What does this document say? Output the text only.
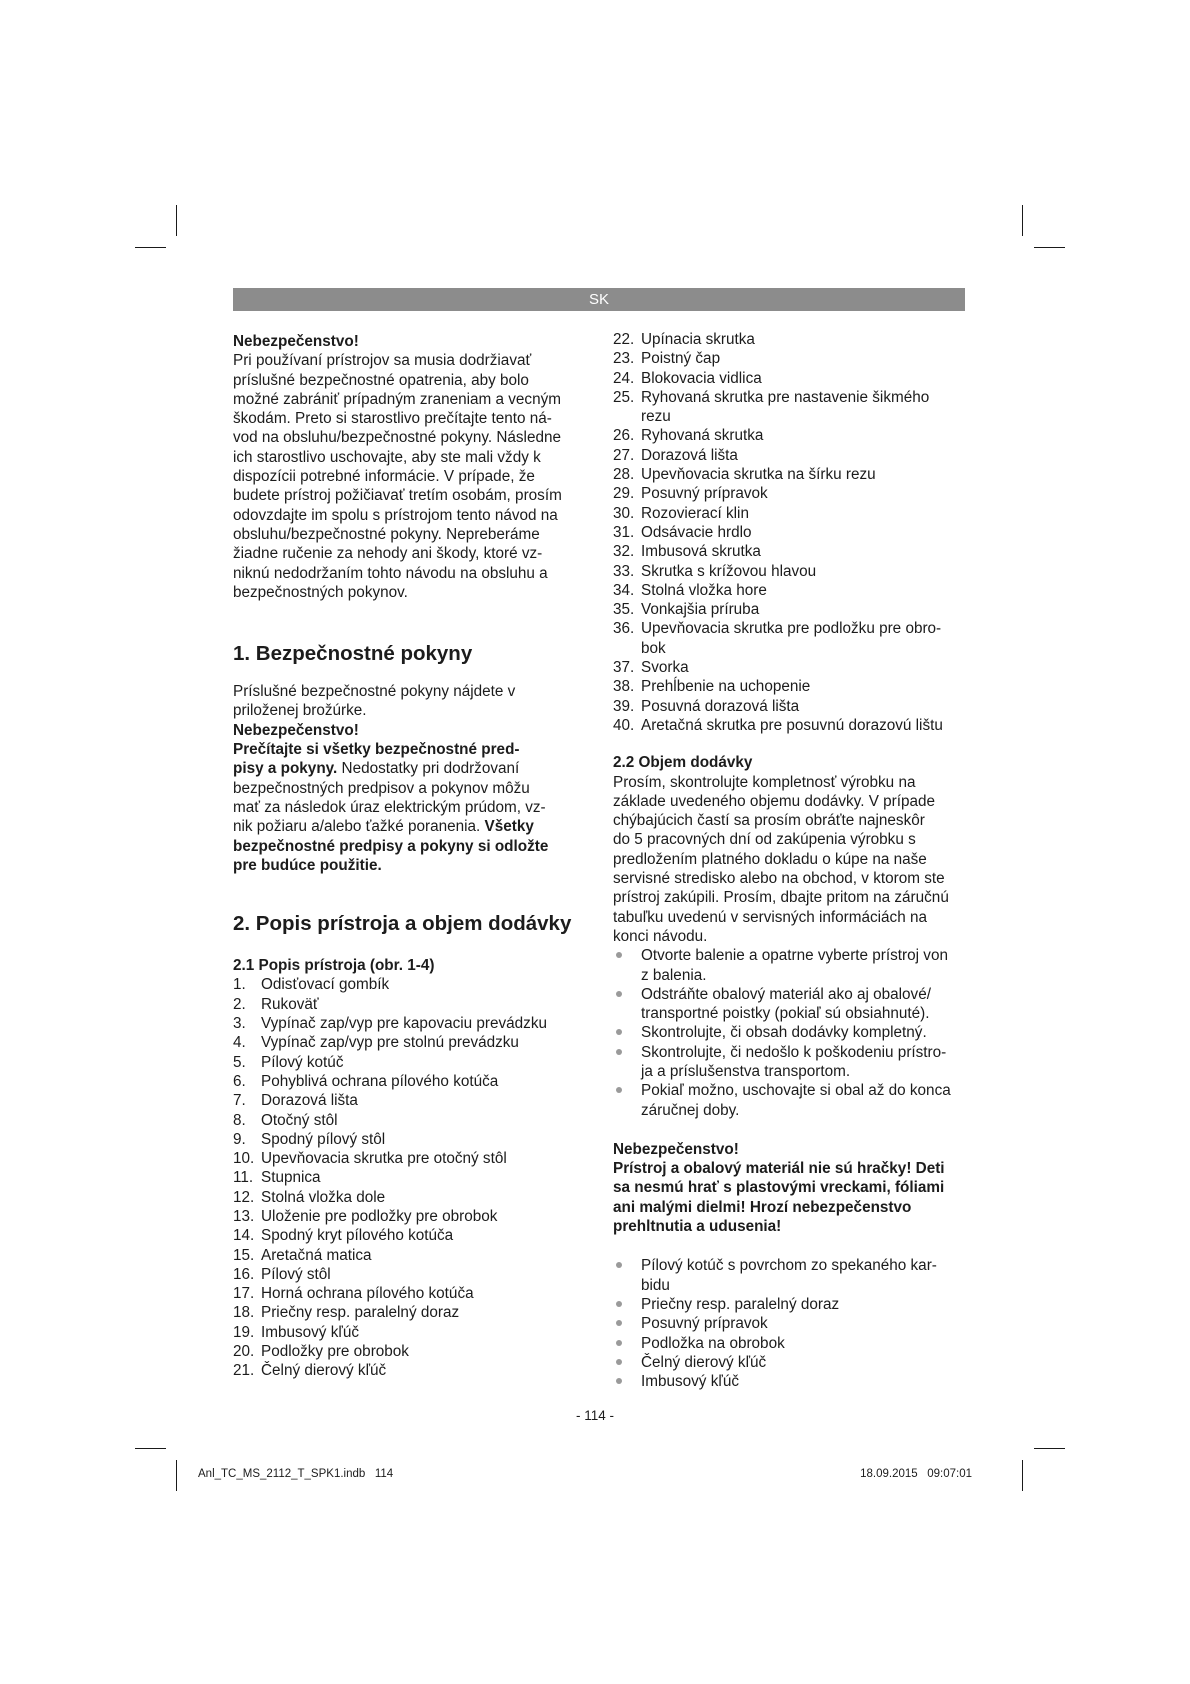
SK

Nebezpečenstvo!

Pri používaní prístrojov sa musia dodržiavať
príslušné bezpečnostné opatrenia, aby bolo
možné zabrániť prípadným zraneniam a vecným
škodám. Preto si starostlivo prečítajte tento ná-
vod na obsluhu/bezpečnostné pokyny. Následne
ich starostlivo uschovajte, aby ste mali vždy k
dispozícii potrebné informácie. V prípade, že
budete prístroj požičiavať tretím osobám, prosím
odovzdajte im spolu s prístrojom tento návod na
obsluhu/bezpečnostné pokyny. Nepreberáme
žiadne ručenie za nehody ani škody, ktoré vz-
niknú nedodržaním tohto návodu na obsluhu a
bezpečnostných pokynov.

1. Bezpečnostné pokyny

Príslušné bezpečnostné pokyny nájdete v
priloženej brožúrke.

Nebezpečenstvo!

Prečítajte si všetky bezpečnostné pred-
pisy a pokyny. Nedostatky pri dodržovaní
bezpečnostných predpisov a pokynov môžu
mať za následok úraz elektrickým prúdom, vz-
nik požiaru a/alebo ťažké poranenia. Všetky
bezpečnostné predpisy a pokyny si odložte
pre budúce použitie.

2. Popis prístroja a objem dodávky
2.1 Popis prístroja (obr. 1-4)
1. Odisťovací gombík
2. Rukoväť
3. Vypínač zap/vyp pre kapovaciu prevádzku
4. Vypínač zap/vyp pre stolnú prevádzku
5. Pílový kotúč
6. Pohyblivá ochrana pílového kotúča
7. Dorazová lišta
8. Otočný stôl
9. Spodný pílový stôl
10. Upevňovacia skrutka pre otočný stôl
11. Stupnica
12. Stolná vložka dole
13. Uloženie pre podložky pre obrobok
14. Spodný kryt pílového kotúča
15. Aretačná matica
16. Pílový stôl
17. Horná ochrana pílového kotúča
18. Priečny resp. paralelný doraz
19. Imbusový kľúč
20. Podložky pre obrobok
21. Čelný dierový kľúč
22. Upínacia skrutka
23. Poistný čap
24. Blokovacia vidlica
25. Ryhovaná skrutka pre nastavenie šikmého
rezu
26. Ryhovaná skrutka
27. Dorazová lišta
28. Upevňovacia skrutka na šírku rezu
29. Posuvný prípravok
30. Rozovierací klin
31. Odsávacie hrdlo
32. Imbusová skrutka
33. Skrutka s krížovou hlavou
34. Stolná vložka hore
35. Vonkajšia príruba
36. Upevňovacia skrutka pre podložku pre obro-
bok
37. Svorka
38. Prehĺbenie na uchopenie
39. Posuvná dorazová lišta
40. Aretačná skrutka pre posuvnú dorazovú lištu
2.2 Objem dodávky

Prosím, skontrolujte kompletnosť výrobku na
základe uvedeného objemu dodávky. V prípade
chýbajúcich častí sa prosím obráťte najneskôr
do 5 pracovných dní od zakúpenia výrobku s
predložením platného dokladu o kúpe na naše
servisné stredisko alebo na obchod, v ktorom ste
prístroj zakúpili. Prosím, dbajte pritom na záručnú
tabuľku uvedenú v servisných informáciách na
konci návodu.

Otvorte balenie a opatrne vyberte prístroj von
z balenia.
Odstráňte obalový materiál ako aj obalové/
transportné poistky (pokiaľ sú obsiahnuté).
Skontrolujte, či obsah dodávky kompletný.
Skontrolujte, či nedošlo k poškodeniu prístro-
ja a príslušenstva transportom.
Pokiaľ možno, uschovajte si obal až do konca
záručnej doby.

Nebezpečenstvo!

Prístroj a obalový materiál nie sú hračky! Deti
sa nesmú hrať s plastovými vreckami, fóliami
ani malými dielmi! Hrozí nebezpečenstvo
prehltnutia a udusenia!

Pílový kotúč s povrchom zo spekaného kar-
bidu
Priečny resp. paralelný doraz
Posuvný prípravok
Podložka na obrobok
Čelný dierový kľúč
Imbusový kľúč
- 114 -
Anl_TC_MS_2112_T_SPK1.indb   114	18.09.2015   09:07:01
